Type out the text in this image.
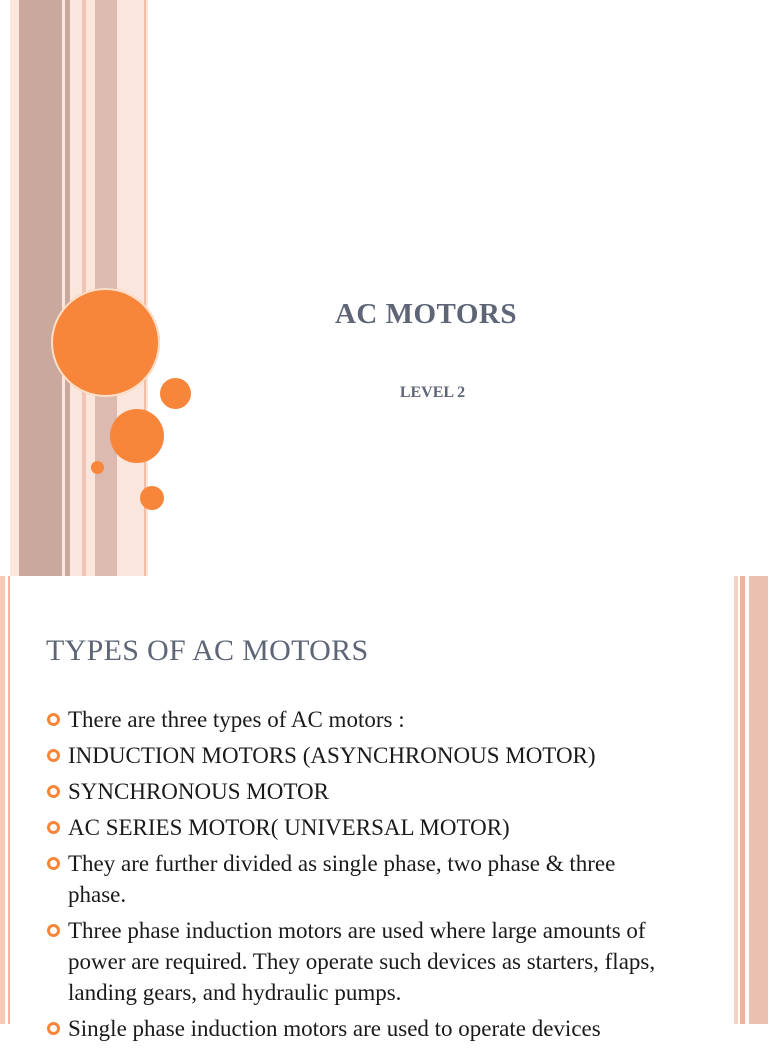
AC MOTORS
LEVEL 2
TYPES OF AC MOTORS
There are three types of AC motors :
INDUCTION MOTORS (ASYNCHRONOUS MOTOR)
SYNCHRONOUS MOTOR
AC SERIES MOTOR( UNIVERSAL MOTOR)
They are further divided as single phase, two phase & three phase.
Three phase induction motors are used where large amounts of power are required. They operate such devices as starters, flaps, landing gears, and hydraulic pumps.
Single phase induction motors are used to operate devices
